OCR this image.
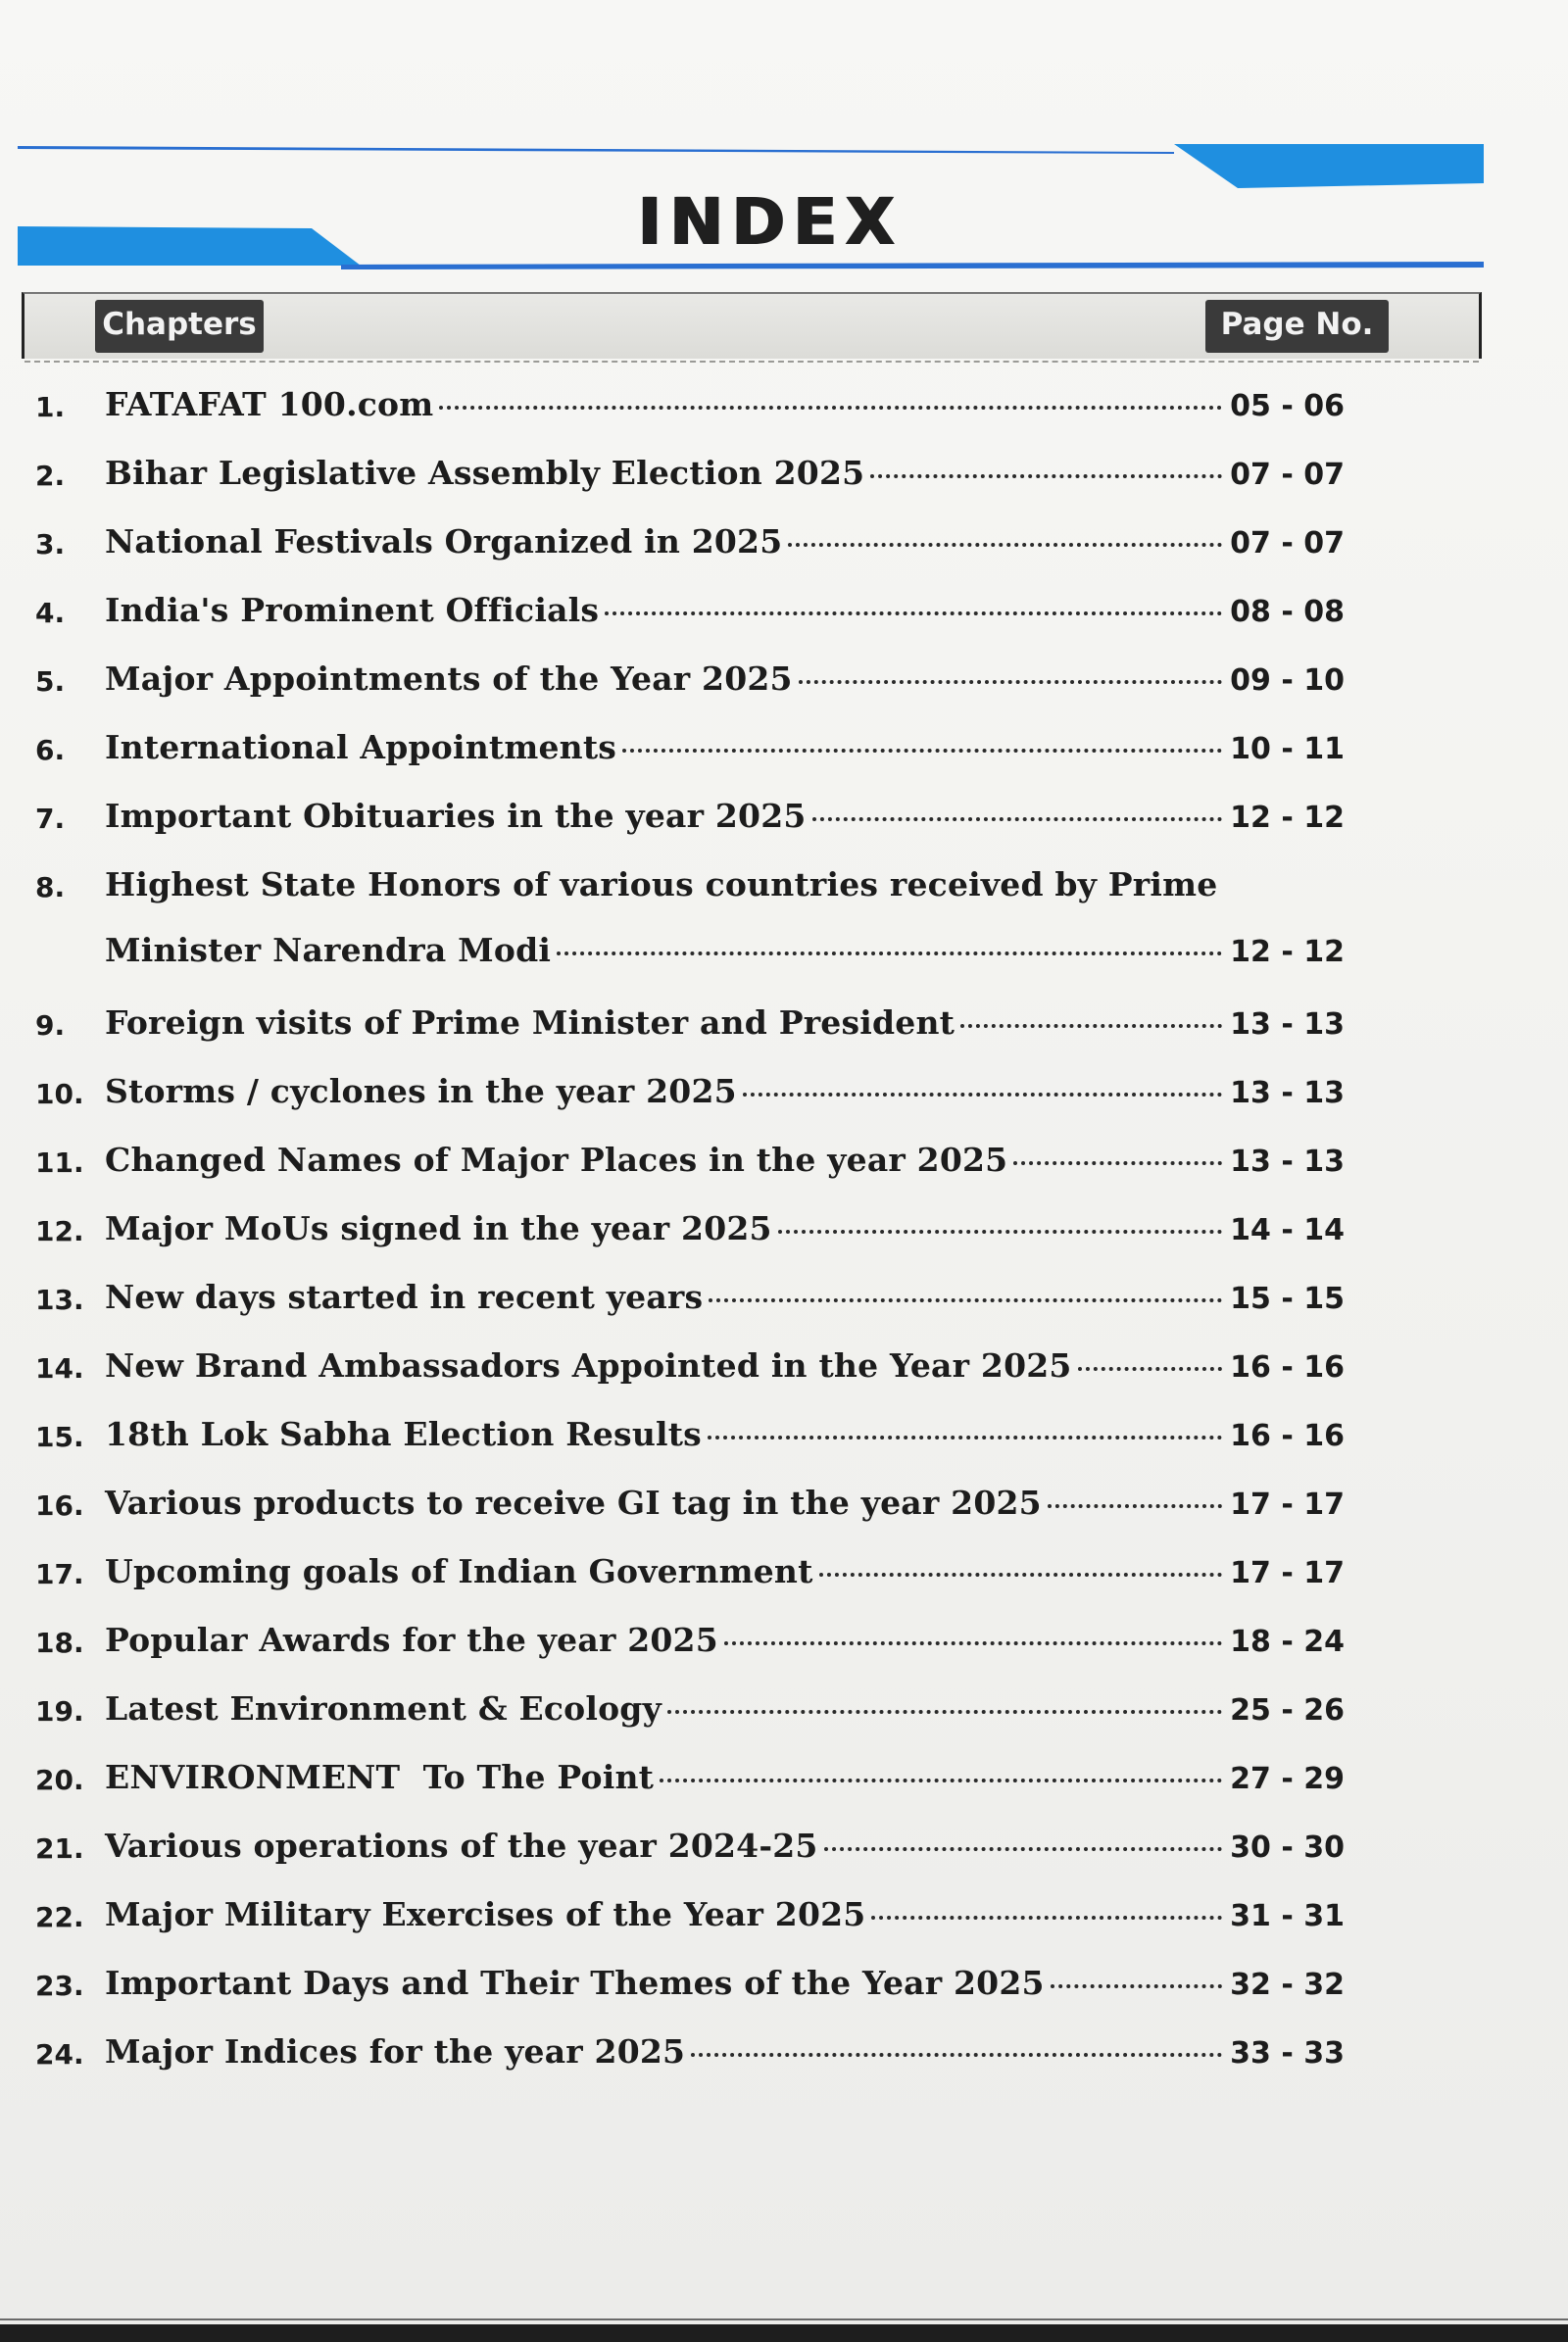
INDEX
Chapters	Page No.
1.	FATAFAT 100.com	05 - 06
2.	Bihar Legislative Assembly Election 2025	07 - 07
3.	National Festivals Organized in 2025	07 - 07
4.	India's Prominent Officials	08 - 08
5.	Major Appointments of the Year 2025	09 - 10
6.	International Appointments	10 - 11
7.	Important Obituaries in the year 2025	12 - 12
8.	Highest State Honors of various countries received by Prime
Minister Narendra Modi	12 - 12
9.	Foreign visits of Prime Minister and President	13 - 13
10. Storms / cyclones in the year 2025	13 - 13
11. Changed Names of Major Places in the year 2025	13 - 13
12. Major MoUs signed in the year 2025	14 - 14
13. New days started in recent years	15 - 15
14. New Brand Ambassadors Appointed in the Year 2025	16 - 16
15. 18th Lok Sabha Election Results	16 - 16
16. Various products to receive GI tag in the year 2025	17 - 17
17. Upcoming goals of Indian Government	17 - 17
18. Popular Awards for the year 2025	18 - 24
19. Latest Environment & Ecology	25 - 26
20. ENVIRONMENT  To The Point	27 - 29
21. Various operations of the year 2024-25	30 - 30
22. Major Military Exercises of the Year 2025	31 - 31
23. Important Days and Their Themes of the Year 2025	32 - 32
24. Major Indices for the year 2025	33 - 33
